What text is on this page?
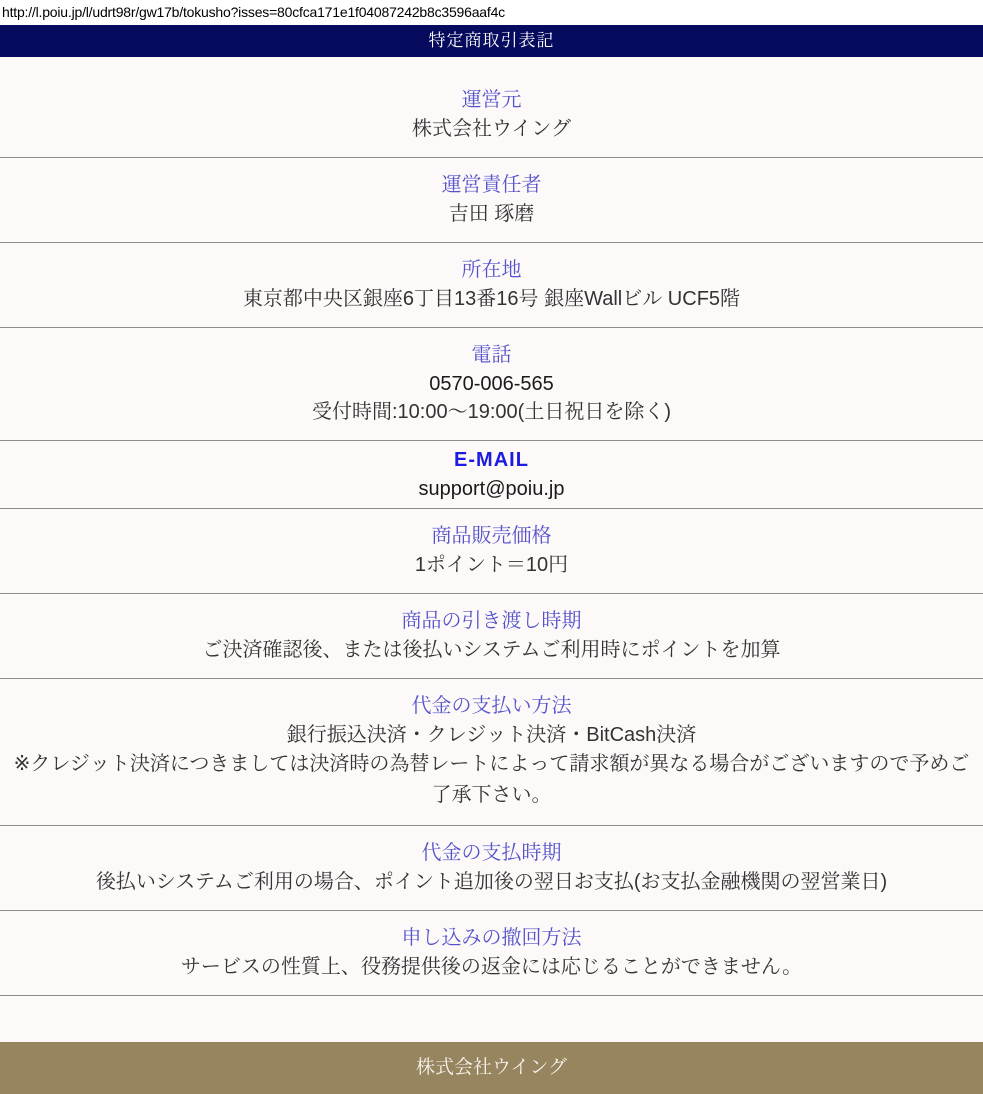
http://l.poiu.jp/l/udrt98r/gw17b/tokusho?isses=80cfca171e1f04087242b8c3596aaf4c
特定商取引表記
運営元
株式会社ウイング
運営責任者
吉田 琢磨
所在地
東京都中央区銀座6丁目13番16号 銀座Wallビル UCF5階
電話
0570-006-565
受付時間:10:00～19:00(土日祝日を除く)
E-MAIL
support@poiu.jp
商品販売価格
1ポイント＝10円
商品の引き渡し時期
ご決済確認後、または後払いシステムご利用時にポイントを加算
代金の支払い方法
銀行振込決済・クレジット決済・BitCash決済
※クレジット決済につきましては決済時の為替レートによって請求額が異なる場合がございますので予めご了承下さい。
代金の支払時期
後払いシステムご利用の場合、ポイント追加後の翌日お支払(お支払金融機関の翌営業日)
申し込みの撤回方法
サービスの性質上、役務提供後の返金には応じることができません。
株式会社ウイング
